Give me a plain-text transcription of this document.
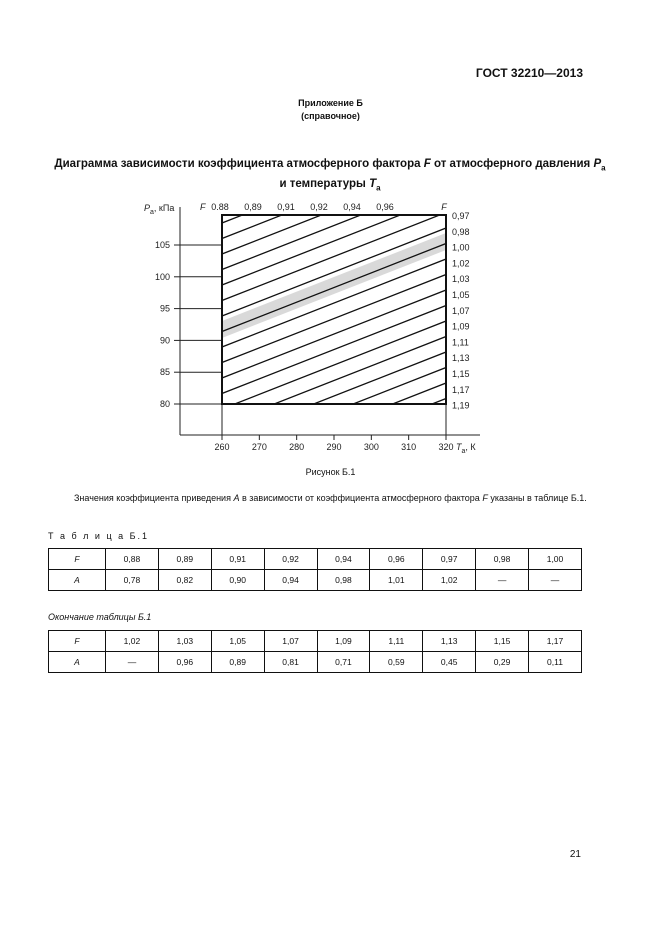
ГОСТ 32210—2013
Приложение Б
(справочное)
Диаграмма зависимости коэффициента атмосферного фактора F от атмосферного давления $P_a$
и температуры $T_a$
$P_a$, кПа
$T_a$, К
80
85
90
95
100
105
260 270 280 290 300 310 320
F 0.88 0,89 0,91 0,92 0,94 0,96	F
0,97
0,98
1,00
1,02
1,03
1,05
1,07
1,09
1,11
1,13
1,15
1,17
1,19
Рисунок Б.1
Значения коэффициента приведения A в зависимости от коэффициента атмосферного фактора F указаны в таблице Б.1.
Т а б л и ц а Б.1
F	0,88	0,89	0,91	0,92	0,94	0,96	0,97	0,98	1,00
A	0,78	0,82	0,90	0,94	0,98	1,01	1,02	—	—
Окончание таблицы Б.1
F	1,02	1,03	1,05	1,07	1,09	1,11	1,13	1,15	1,17
A	—	0,96	0,89	0,81	0,71	0,59	0,45	0,29	0,11
21
